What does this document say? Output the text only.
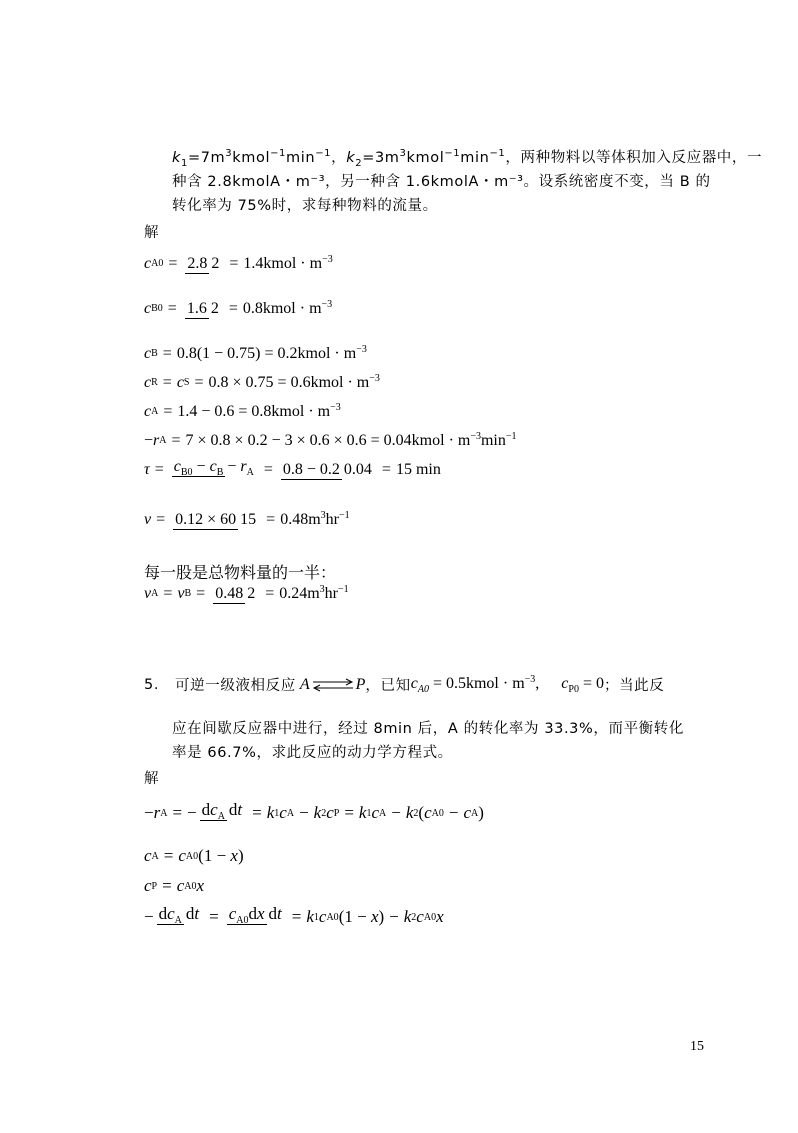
$k_1=7m^3kmol^{-1}\min^{-1}$，$k_2=3m^3kmol^{-1}\min^{-1}$，两种物料以等体积加入反应器中，一
种含 2.8kmolA・m⁻³，另一种含 1.6kmolA・m⁻³。设系统密度不变，当 B 的
转化率为 75%时，求每种物料的流量。
解
c A0 = 2.8 2 = 1.4kmol · $m^{-3}$
c B0 = 1.6 2 = 0.8kmol · $m^{-3}$
c B = 0.8(1 − 0.75) = 0.2kmol · $m^{-3}$
c R = c S = 0.8 × 0.75 = 0.6kmol · $m^{-3}$
c A = 1.4 − 0.6 = 0.8kmol · $m^{-3}$
− r A = 7 × 0.8 × 0.2 − 3 × 0.6 × 0.6 = 0.04kmol · $m^{-3}\min^{-1}$
$\tau = c_{B0} - c_B - r_A = 0.8 - 0.2$ 0.04 = 15 min
v = 0.12 × 60 $15 = 0.48m^3hr^{-1}$
每一股是总物料量的一半：
v A = v B = 0.48 $2 = 0.24m^3hr^{-1}$
5. 可逆一级液相反应 A ⇌ P ，已知 $c_{A0}$ = 0.5kmol · $m^{-3}$, $c_{P0} = 0$ ；当此反
应在间歇反应器中进行，经过 8min 后，A 的转化率为 33.3%，而平衡转化
率是 66.7%，求此反应的动力学方程式。
解
− r A = − $dc_A$ dt = k 1 c A − k 2 c P = k 1 c A − k 2 ( c A0 − c A )
c A = c A0 (1 − x)
c P = c A0 x
− $dc_A$ dt = $c_{A0}dx$ dt = k 1 c A0 (1 − x) − k 2 c A0 x
15
